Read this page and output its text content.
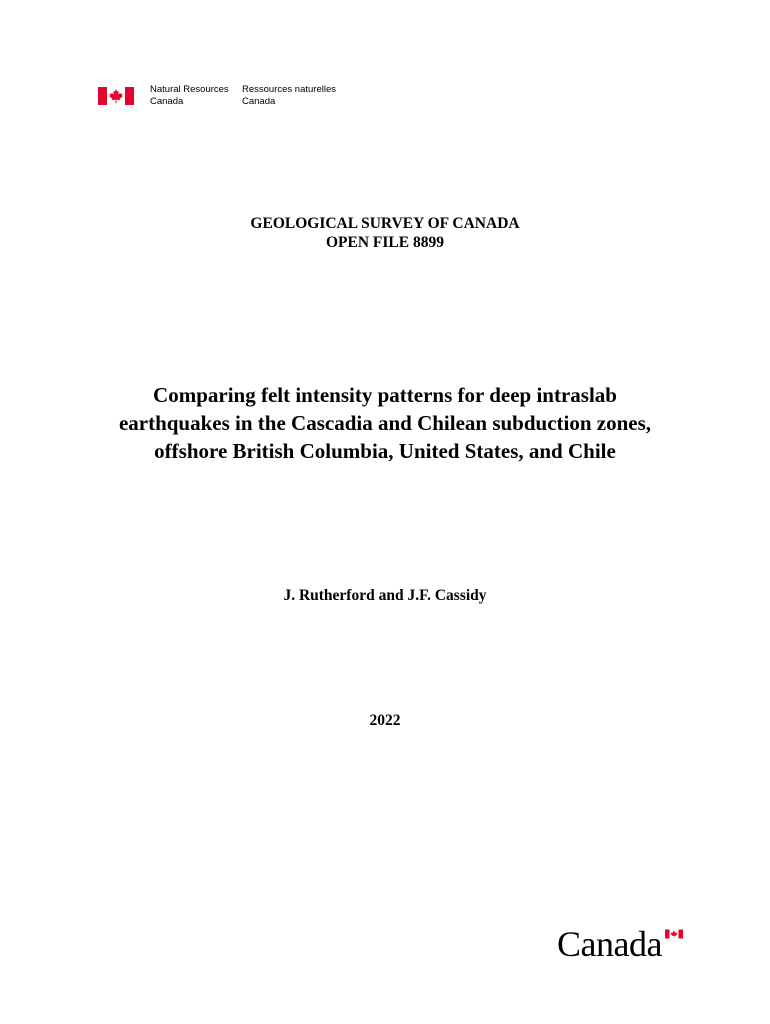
Natural Resources
Canada
Ressources naturelles
Canada
GEOLOGICAL SURVEY OF CANADA
OPEN FILE 8899
Comparing felt intensity patterns for deep intraslab
earthquakes in the Cascadia and Chilean subduction zones,
offshore British Columbia, United States, and Chile
J. Rutherford and J.F. Cassidy
2022
Canada
